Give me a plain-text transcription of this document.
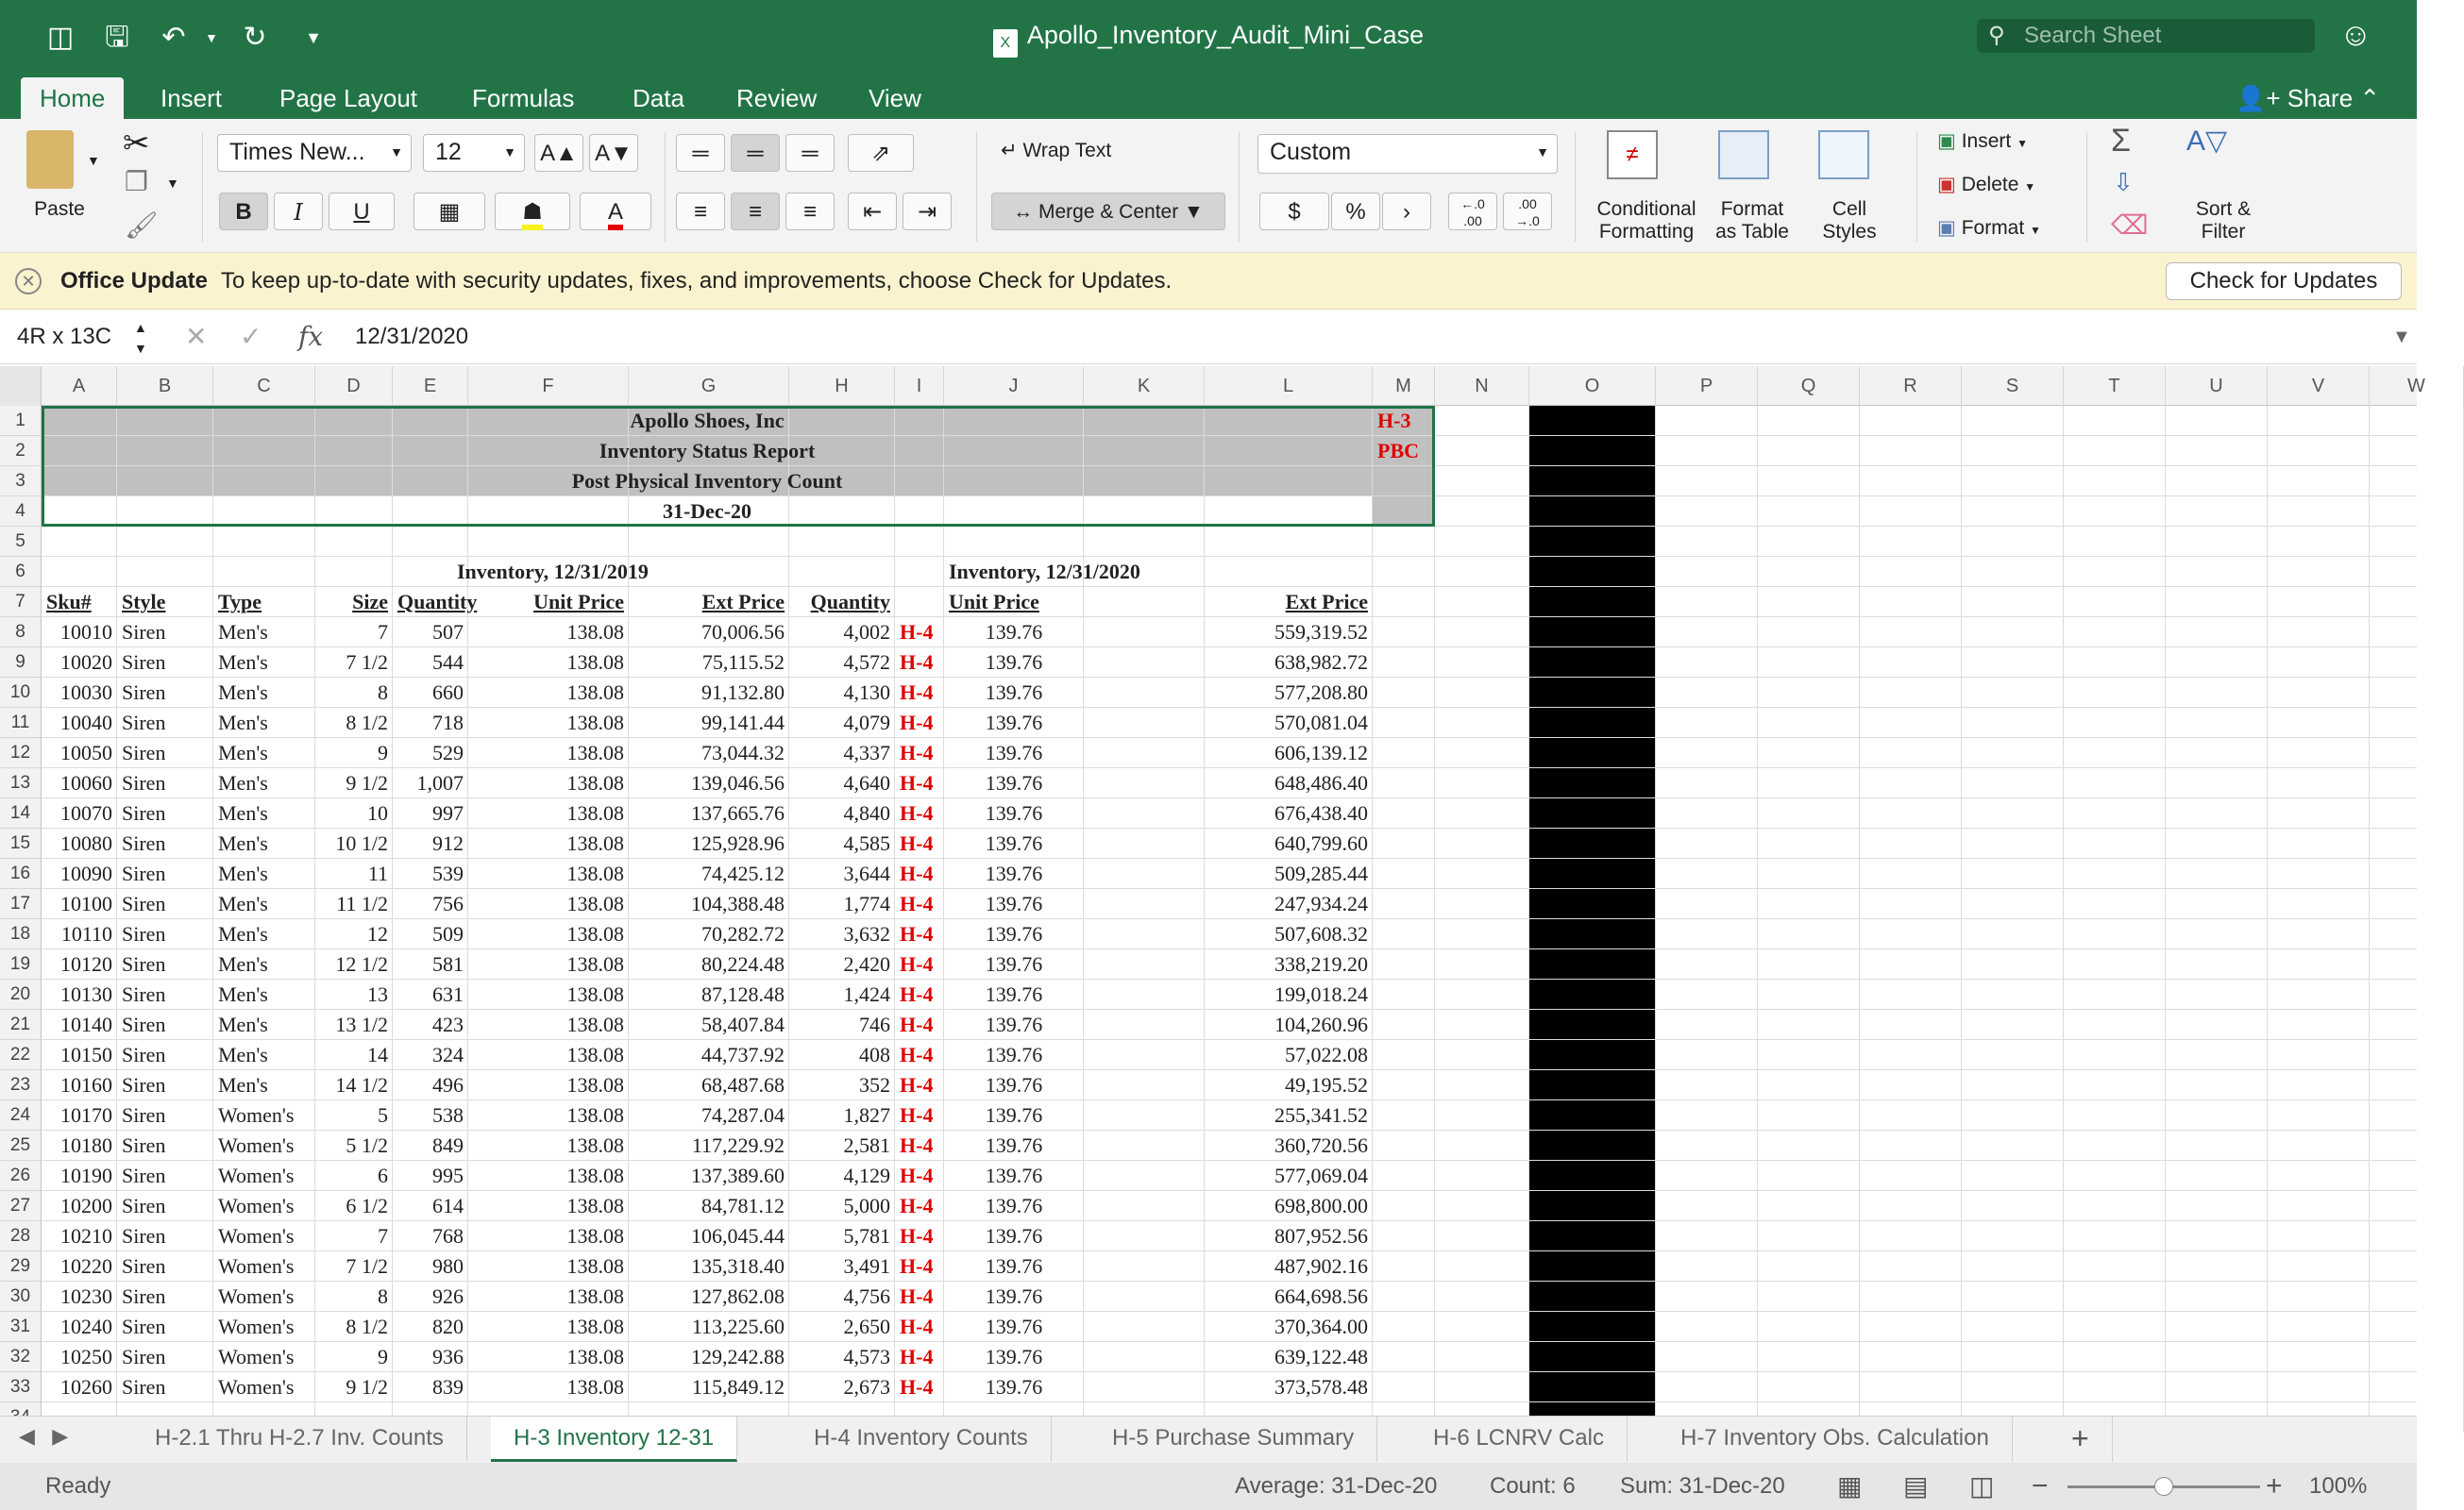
◫ 🖫 ↶	▼ ↻	▼	X Apollo_Inventory_Audit_Mini_Case	⚲ Search Sheet	☺
Home	Insert	Page Layout	Formulas	Data	Review	View	👤+ Share ⌃
▼
Paste
✂
❐ ▼
🖌
Times New... ▼	12	▼ A▲ A▼
B	I	U	▦	☗	A
═	═	═	⇗
≡	≡	≡	⇤	⇥
↵ Wrap Text
↔ Merge & Center ▼
Custom	▼
$	%	›	←.0
.00
.00
→.0
≠
Conditional
Formatting
Format
as Table
Cell
Styles
▣ Insert ▼
▣ Delete ▼
▣ Format ▼
Σ
⇩
⌫
A▽
Sort &
Filter
✕ Office Update To keep up-to-date with security updates, fixes, and improvements, choose Check for Updates.	Check for Updates
4R x 13C ▲
▼ ✕ ✓ fx 12/31/2020	▼
A	B	C	D	E	F	G	H	I	J	K	L	M	N	O	P	Q	R	S	T	U	V	W
1
2
3
4
5
6
7
8
9
10
11
12
13
14
15
16
17
18
19
20
21
22
23
24
25
26
27
28
29
30
31
32
33
Apollo Shoes, Inc
Inventory Status Report
Post Physical Inventory Count
31-Dec-20
H-3
PBC
Inventory, 12/31/2019	Inventory, 12/31/2020
Sku#	Style	Type	Size Quantity	Unit Price	Ext Price	Quantity	Unit Price	Ext Price
10010 Siren	Men's	7	507	138.08	70,006.56	4,002 H-4	139.76	559,319.52
10020 Siren	Men's	7 1/2	544	138.08	75,115.52	4,572 H-4	139.76	638,982.72
10030 Siren	Men's	8	660	138.08	91,132.80	4,130 H-4	139.76	577,208.80
10040 Siren	Men's	8 1/2	718	138.08	99,141.44	4,079 H-4	139.76	570,081.04
10050 Siren	Men's	9	529	138.08	73,044.32	4,337 H-4	139.76	606,139.12
10060 Siren	Men's	9 1/2	1,007	138.08	139,046.56	4,640 H-4	139.76	648,486.40
10070 Siren	Men's	10	997	138.08	137,665.76	4,840 H-4	139.76	676,438.40
10080 Siren	Men's	10 1/2	912	138.08	125,928.96	4,585 H-4	139.76	640,799.60
10090 Siren	Men's	11	539	138.08	74,425.12	3,644 H-4	139.76	509,285.44
10100 Siren	Men's	11 1/2	756	138.08	104,388.48	1,774 H-4	139.76	247,934.24
10110 Siren	Men's	12	509	138.08	70,282.72	3,632 H-4	139.76	507,608.32
10120 Siren	Men's	12 1/2	581	138.08	80,224.48	2,420 H-4	139.76	338,219.20
10130 Siren	Men's	13	631	138.08	87,128.48	1,424 H-4	139.76	199,018.24
10140 Siren	Men's	13 1/2	423	138.08	58,407.84	746 H-4	139.76	104,260.96
10150 Siren	Men's	14	324	138.08	44,737.92	408 H-4	139.76	57,022.08
10160 Siren	Men's	14 1/2	496	138.08	68,487.68	352 H-4	139.76	49,195.52
10170 Siren	Women's	5	538	138.08	74,287.04	1,827 H-4	139.76	255,341.52
10180 Siren	Women's	5 1/2	849	138.08	117,229.92	2,581 H-4	139.76	360,720.56
10190 Siren	Women's	6	995	138.08	137,389.60	4,129 H-4	139.76	577,069.04
10200 Siren	Women's	6 1/2	614	138.08	84,781.12	5,000 H-4	139.76	698,800.00
10210 Siren	Women's	7	768	138.08	106,045.44	5,781 H-4	139.76	807,952.56
10220 Siren	Women's	7 1/2	980	138.08	135,318.40	3,491 H-4	139.76	487,902.16
10230 Siren	Women's	8	926	138.08	127,862.08	4,756 H-4	139.76	664,698.56
10240 Siren	Women's	8 1/2	820	138.08	113,225.60	2,650 H-4	139.76	370,364.00
10250 Siren	Women's	9	936	138.08	129,242.88	4,573 H-4	139.76	639,122.48
10260 Siren	Women's	9 1/2	839	138.08	115,849.12	2,673 H-4	139.76	373,578.48
◀ ▶	H-2.1 Thru H-2.7 Inv. Counts	H-3 Inventory 12-31	H-4 Inventory Counts	H-5 Purchase Summary	H-6 LCNRV Calc	H-7 Inventory Obs. Calculation	+
Ready	Average: 31-Dec-20 Count: 6 Sum: 31-Dec-20 ▦ ▤ ◫ −	+ 100%
